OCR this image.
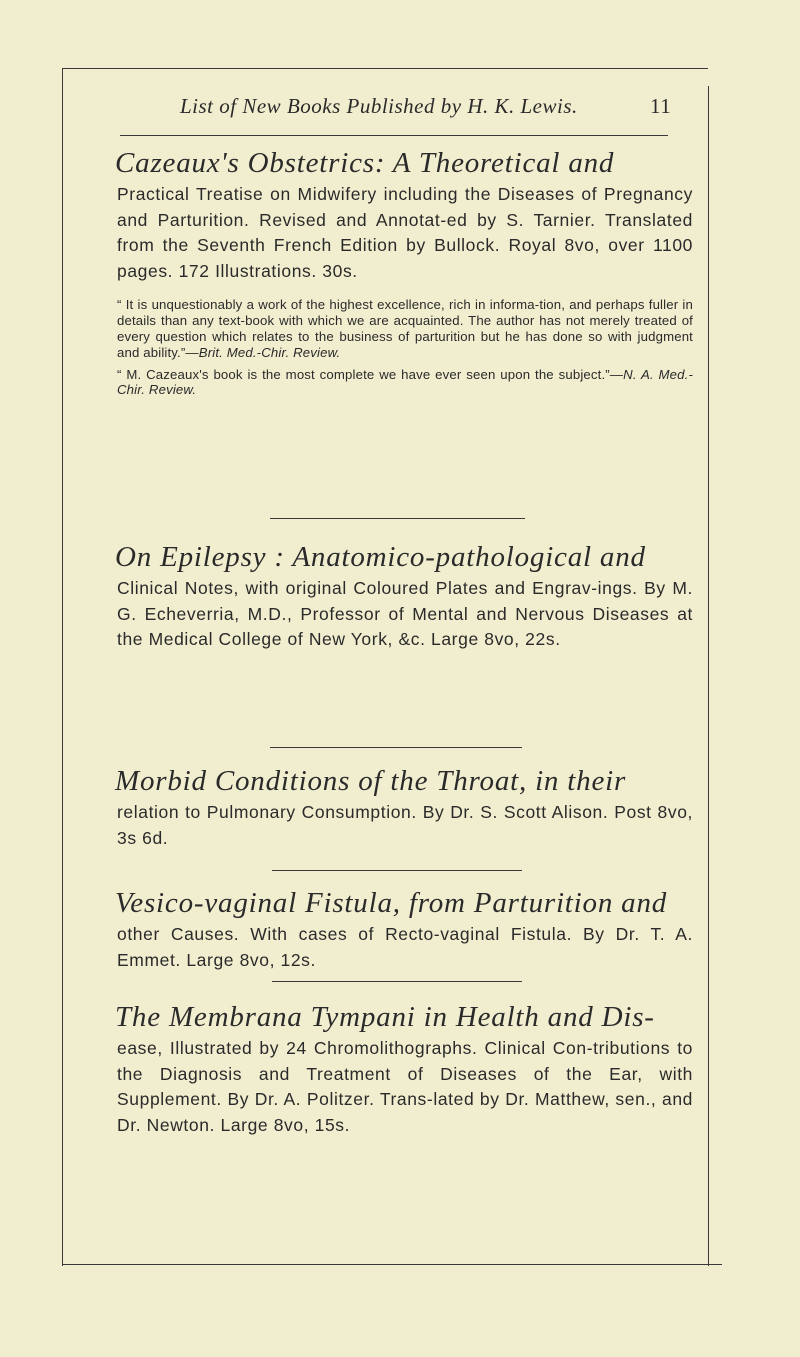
List of New Books Published by H. K. Lewis.	11
Cazeaux's Obstetrics: A Theoretical and

Practical Treatise on Midwifery including the Diseases of Pregnancy and Parturition. Revised and Annotat-ed by S. Tarnier. Translated from the Seventh French Edition by Bullock. Royal 8vo, over 1100 pages. 172 Illustrations. 30s.

“ It is unquestionably a work of the highest excellence, rich in informa-tion, and perhaps fuller in details than any text-book with which we are acquainted. The author has not merely treated of every question which relates to the business of parturition but he has done so with judgment and ability.”—Brit. Med.-Chir. Review.

“ M. Cazeaux's book is the most complete we have ever seen upon the subject.”—N. A. Med.-Chir. Review.

On Epilepsy : Anatomico-pathological and

Clinical Notes, with original Coloured Plates and Engrav-ings. By M. G. Echeverria, M.D., Professor of Mental and Nervous Diseases at the Medical College of New York, &c. Large 8vo, 22s.

Morbid Conditions of the Throat, in their

relation to Pulmonary Consumption. By Dr. S. Scott Alison. Post 8vo, 3s 6d.

Vesico-vaginal Fistula, from Parturition and

other Causes. With cases of Recto-vaginal Fistula. By Dr. T. A. Emmet. Large 8vo, 12s.

The Membrana Tympani in Health and Dis-

ease, Illustrated by 24 Chromolithographs. Clinical Con-tributions to the Diagnosis and Treatment of Diseases of the Ear, with Supplement. By Dr. A. Politzer. Trans-lated by Dr. Matthew, sen., and Dr. Newton. Large 8vo, 15s.
